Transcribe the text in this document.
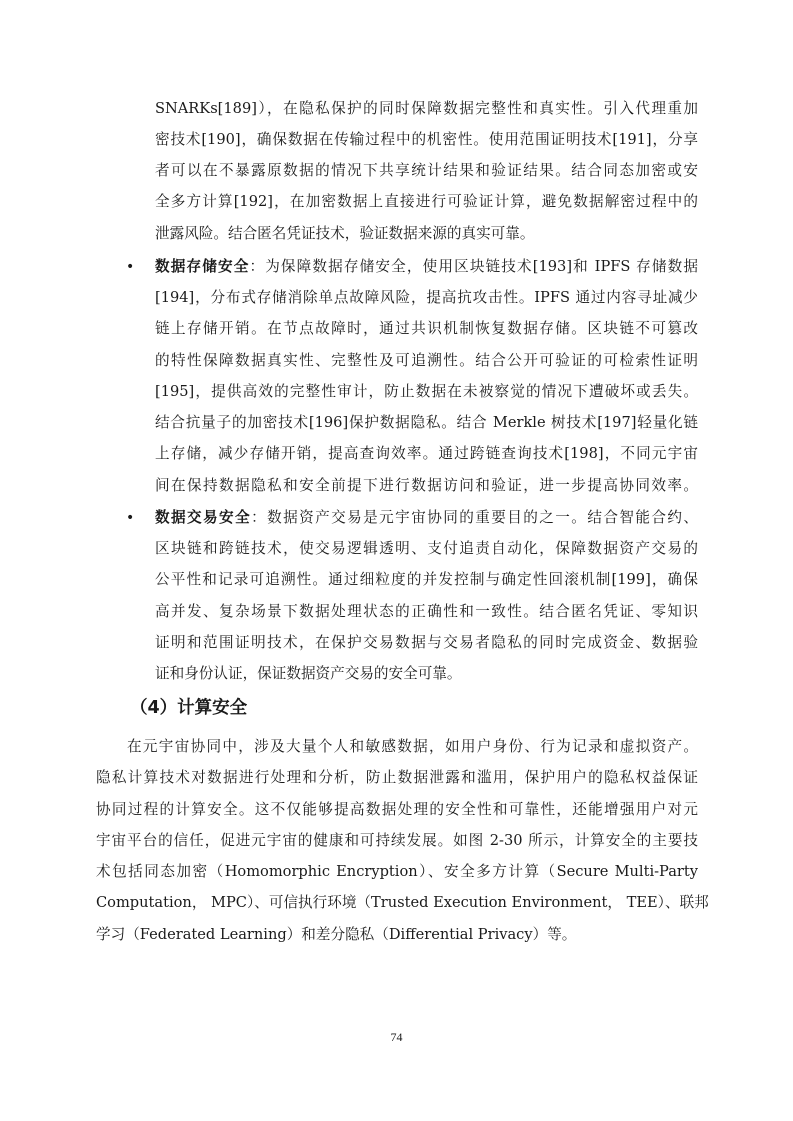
SNARKs[189]），在隐私保护的同时保障数据完整性和真实性。引入代理重加
密技术[190]，确保数据在传输过程中的机密性。使用范围证明技术[191]，分享
者可以在不暴露原数据的情况下共享统计结果和验证结果。结合同态加密或安
全多方计算[192]，在加密数据上直接进行可验证计算，避免数据解密过程中的
泄露风险。结合匿名凭证技术，验证数据来源的真实可靠。
• 数据存储安全：为保障数据存储安全，使用区块链技术[193]和 IPFS 存储数据
[194]，分布式存储消除单点故障风险，提高抗攻击性。IPFS 通过内容寻址减少
链上存储开销。在节点故障时，通过共识机制恢复数据存储。区块链不可篡改
的特性保障数据真实性、完整性及可追溯性。结合公开可验证的可检索性证明
[195]，提供高效的完整性审计，防止数据在未被察觉的情况下遭破坏或丢失。
结合抗量子的加密技术[196]保护数据隐私。结合 Merkle 树技术[197]轻量化链
上存储，减少存储开销，提高查询效率。通过跨链查询技术[198]，不同元宇宙
间在保持数据隐私和安全前提下进行数据访问和验证，进一步提高协同效率。
• 数据交易安全：数据资产交易是元宇宙协同的重要目的之一。结合智能合约、
区块链和跨链技术，使交易逻辑透明、支付追责自动化，保障数据资产交易的
公平性和记录可追溯性。通过细粒度的并发控制与确定性回滚机制[199]，确保
高并发、复杂场景下数据处理状态的正确性和一致性。结合匿名凭证、零知识
证明和范围证明技术，在保护交易数据与交易者隐私的同时完成资金、数据验
证和身份认证，保证数据资产交易的安全可靠。
（4）计算安全
在元宇宙协同中，涉及大量个人和敏感数据，如用户身份、行为记录和虚拟资产。
隐私计算技术对数据进行处理和分析，防止数据泄露和滥用，保护用户的隐私权益保证
协同过程的计算安全。这不仅能够提高数据处理的安全性和可靠性，还能增强用户对元
宇宙平台的信任，促进元宇宙的健康和可持续发展。如图 2-30 所示，计算安全的主要技
术包括同态加密（Homomorphic Encryption）、安全多方计算（Secure Multi-Party
Computation， MPC）、可信执行环境（Trusted Execution Environment， TEE）、联邦
学习（Federated Learning）和差分隐私（Differential Privacy）等。
74
